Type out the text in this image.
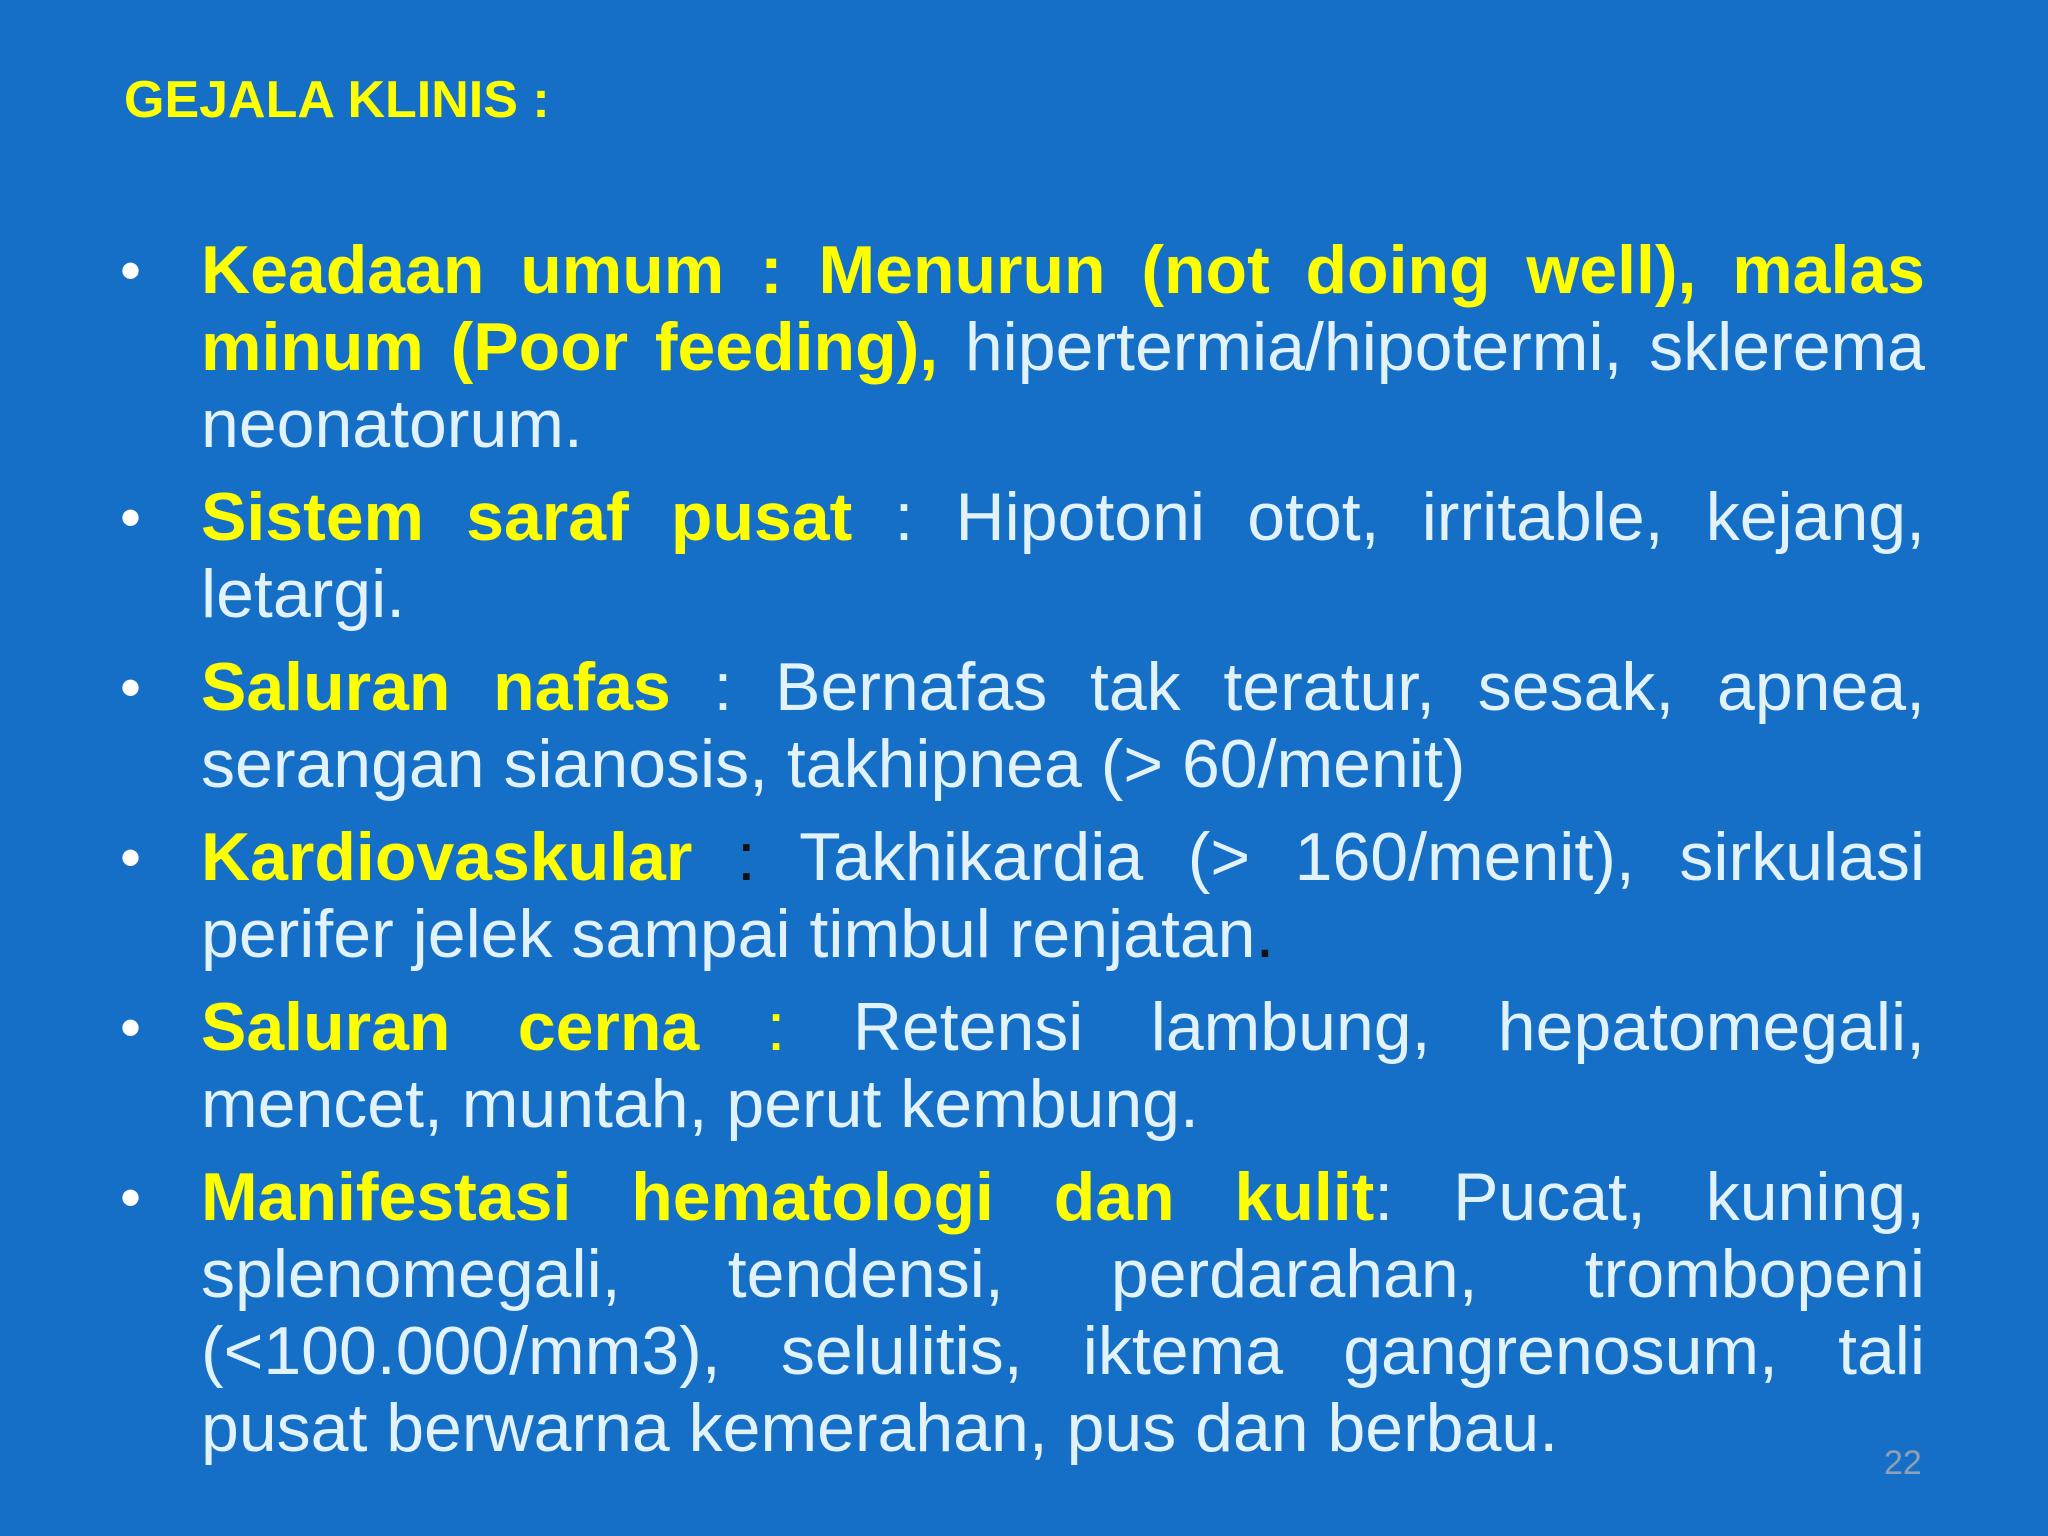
GEJALA KLINIS :
• Keadaan umum : Menurun (not doing well), malas minum (Poor feeding), hipertermia/hipotermi, sklerema neonatorum.
• Sistem saraf pusat : Hipotoni otot, irritable, kejang, letargi.
• Saluran nafas : Bernafas tak teratur, sesak, apnea, serangan sianosis, takhipnea (> 60/menit)
• Kardiovaskular : Takhikardia (> 160/menit), sirkulasi perifer jelek sampai timbul renjatan.
• Saluran cerna : Retensi lambung, hepatomegali, mencet, muntah, perut kembung.
• Manifestasi hematologi dan kulit: Pucat, kuning, splenomegali, tendensi, perdarahan, trombopeni (<100.000/mm3), selulitis, iktema gangrenosum, tali pusat berwarna kemerahan, pus dan berbau.	22
